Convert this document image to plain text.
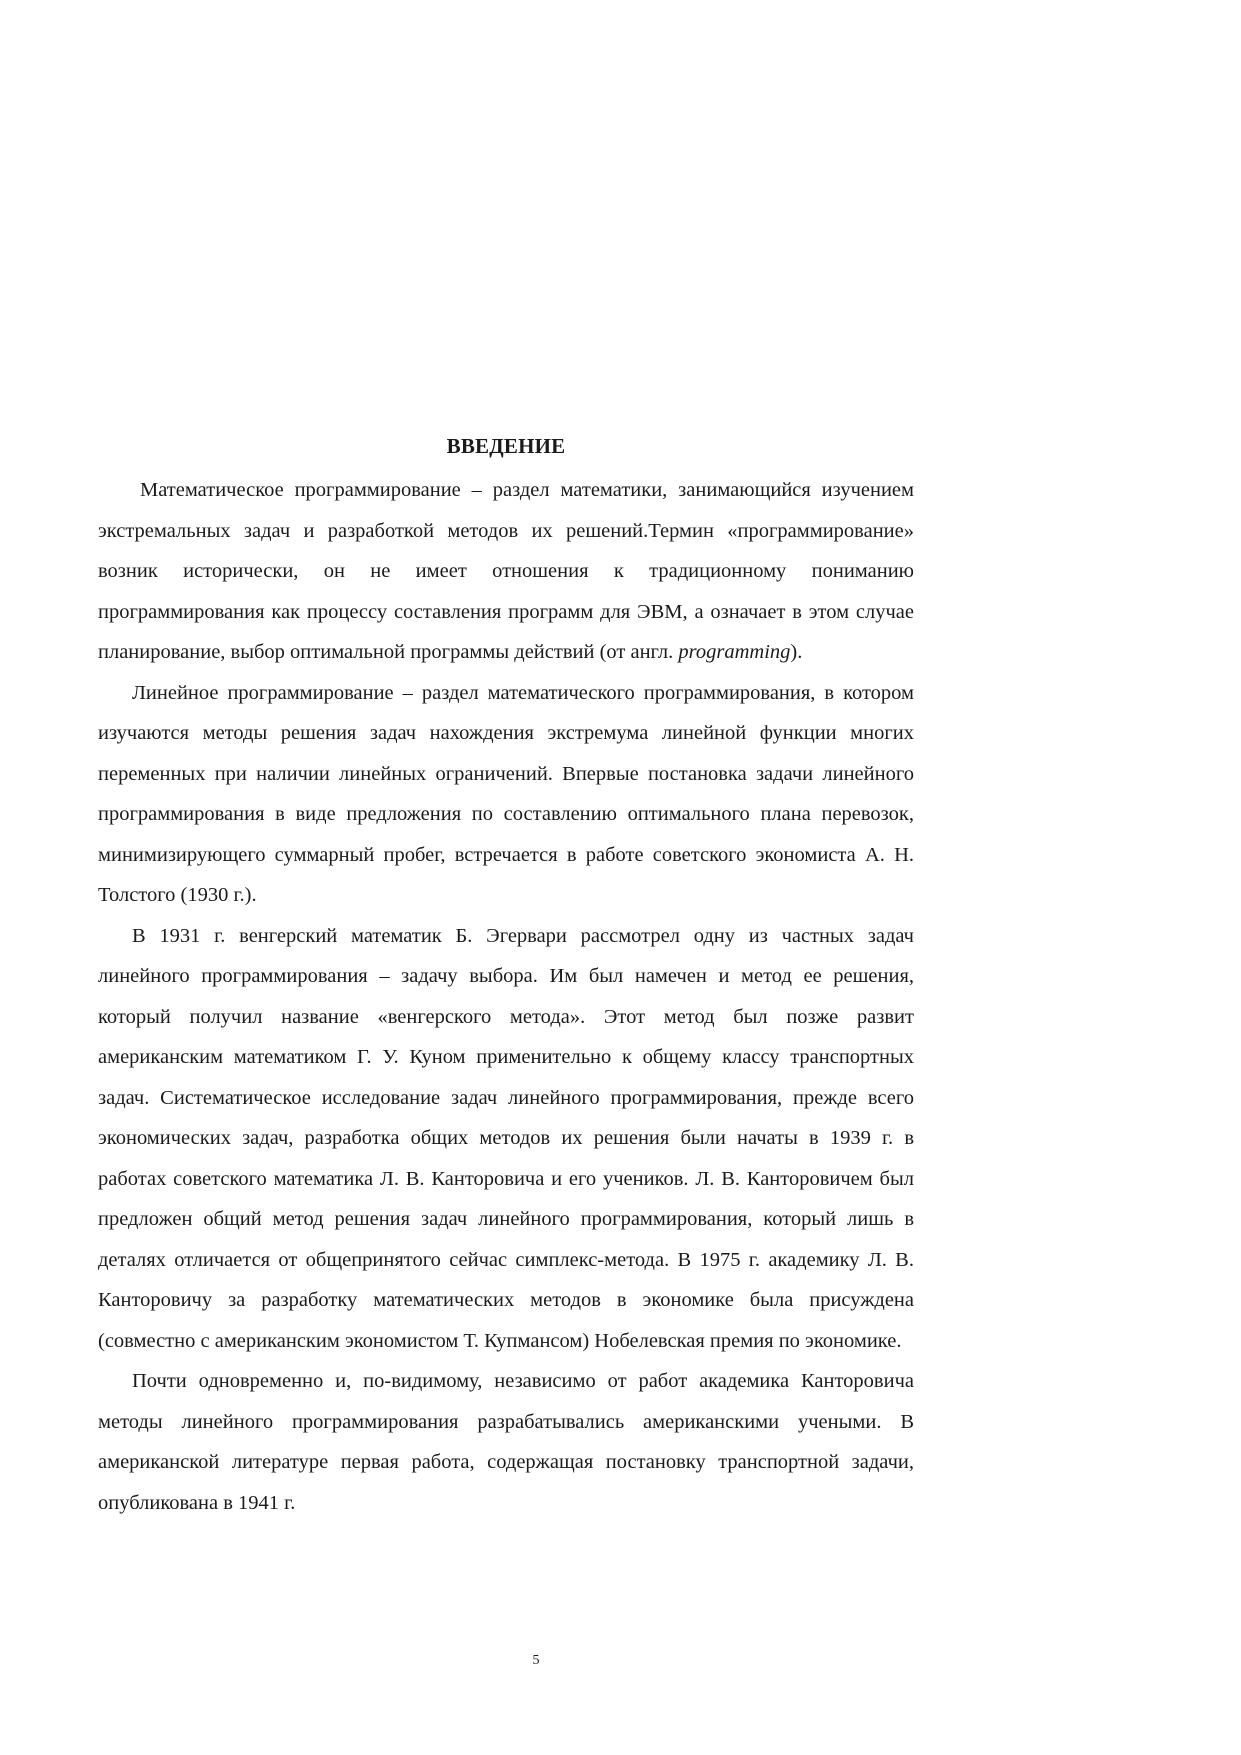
ВВЕДЕНИЕ

Математическое программирование – раздел математики, занимающийся изучением экстремальных задач и разработкой методов их решений.Термин «программирование» возник исторически, он не имеет отношения к традиционному пониманию программирования как процессу составления программ для ЭВМ, а означает в этом случае планирование, выбор оптимальной программы действий (от англ. programming).

Линейное программирование – раздел математического программирования, в котором изучаются методы решения задач нахождения экстремума линейной функции многих переменных при наличии линейных ограничений. Впервые постановка задачи линейного программирования в виде предложения по составлению оптимального плана перевозок, минимизирующего суммарный пробег, встречается в работе советского экономиста А. Н. Толстого (1930 г.).

В 1931 г. венгерский математик Б. Эгервари рассмотрел одну из частных задач линейного программирования – задачу выбора. Им был намечен и метод ее решения, который получил название «венгерского метода». Этот метод был позже развит американским математиком Г. У. Куном применительно к общему классу транспортных задач. Систематическое исследование задач линейного программирования, прежде всего экономических задач, разработка общих методов их решения были начаты в 1939 г. в работах советского математика Л. В. Канторовича и его учеников. Л. В. Канторовичем был предложен общий метод решения задач линейного программирования, который лишь в деталях отличается от общепринятого сейчас симплекс-метода. В 1975 г. академику Л. В. Канторовичу за разработку математических методов в экономике была присуждена (совместно с американским экономистом Т. Купмансом) Нобелевская премия по экономике.

Почти одновременно и, по-видимому, независимо от работ академика Канторовича методы линейного программирования разрабатывались американскими учеными. В американской литературе первая работа, содержащая постановку транспортной задачи, опубликована в 1941 г.

5
